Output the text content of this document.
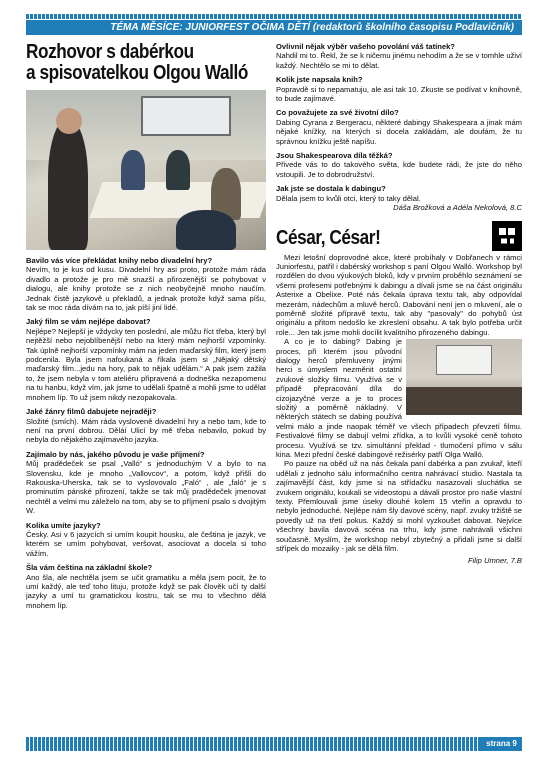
TÉMA MĚSÍCE: JUNIORFEST OČIMA DĚTÍ (redaktorů školního časopisu Podlavičník)
Rozhovor s dabérkou
a spisovatelkou Olgou Walló
Bavilo vás více překládat knihy nebo divadelní hry?
Nevím, to je kus od kusu. Divadelní hry asi proto, protože mám ráda divadlo a protože je pro mě snazší a přirozenější se pohybovat v dialogu, ale knihy protože se z nich neobyčejně mnoho naučím. Jednak čistě jazykově u překladů, a jednak protože když sama píšu, tak se moc ráda dívám na to, jak píší jiní lidé.
Jaký film se vám nejlépe dabovat?
Nejlépe? Nejlepší je vždycky ten poslední, ale můžu říct třeba, který byl nejtěžší nebo nejoblíbenější nebo na který mám nejhorší vzpomínky. Tak úplně nejhorší vzpomínky mám na jeden maďarský film, který jsem podcenila. Byla jsem nafoukaná a říkala jsem si „Nějaký dětský maďarský film...jedu na hory, pak to nějak udělám.“ A pak jsem zažila to, že jsem nebyla v tom ateliéru připravená a dodneška nezapomenu na tu hanbu, když vím, jak jsme to udělali špatně a mohli jsme to udělat mnohem líp. To už jsem nikdy nezopakovala.
Jaké žánry filmů dabujete nejraději?
Složité (smích). Mám ráda vysloveně divadelní hry a nebo tam, kde to není na první dobrou. Děláí Ulicí by mě třeba nebavilo, pokud by nebyla do nějakého zajímavého jazyka.
Zajímalo by nás, jakého původu je vaše příjmení?
Můj pradědeček se psal „Valló“ s jednoduchým V a bylo to na Slovensku, kde je mnoho „Vallovcov“, a potom, když přišli do Rakouska-Uherska, tak se to vyslovovalo „Faló“ , ale „faló“ je s prominutím pánské přirození, takže se tak můj pradědeček jmenovat nechtěl a velmi mu záleželo na tom, aby se to příjmení psalo s dvojitým W.
Kolika umíte jazyky?
Česky. Asi v 6 jazycích si umím koupit housku, ale čeština je jazyk, ve kterém se umím pohybovat, veršovat, asociovat a docela si toho vážím.
Šla vám čeština na základní škole?
Ano šla, ale nechtěla jsem se učit gramatiku a měla jsem pocit, že to umí každý, ale teď toho lituju, protože když se pak člověk učí ty další jazyky a umí tu gramatickou kostru, tak se mu to všechno dělá mnohem líp.
Ovlivnil nějak výběr vašeho povolání váš tatínek?
Nahdil mi to. Řekl, že se k ničemu jinému nehodím a že se v tomhle uživí každý. Nechtělo se mi to dělat.
Kolik jste napsala knih?
Popravdě si to nepamatuju, ale asi tak 10. Zkuste se podívat v knihovně, to bude zajímavé.
Co považujete za své životní dílo?
Dabing Cyrana z Bergeracu, některé dabingy Shakespeara a jinak mám nějaké knížky, na kterých si docela zakládám, ale doufám, že tu správnou knížku ještě napíšu.
Jsou Shakespearova díla těžká?
Přivede vás to do takového světa, kde budete rádi, že jste do něho vstoupili. Je to dobrodružství.
Jak jste se dostala k dabingu?
Dělala jsem to kvůli otci, který to taky dělal.
Dáša Brožková a Adéla Nekolová, 8.C
César, César!
Mezi letošní doprovodné akce, které probíhaly v Dobřanech v rámci Juniorfestu, patřil i dabérský workshop s paní Olgou Walló. Workshop byl rozdělen do dvou výukových bloků, kdy v prvním proběhlo seznámení se všemi profesemi potřebnými k dabingu a dívali jsme se na část originálu Asterixe a Obelixe. Poté nás čekala úprava textu tak, aby odpovídal mezerám, nádechům a mluvě herců. Dabování není jen o mluvení, ale o poměrně složité přípravě textu, tak aby "pasovaly" do pohybů úst originálu a přitom nedošlo ke zkreslení obsahu. A tak bylo potřeba určit role... Jen tak jsme mohli docílit kvalitního přirozeného dabingu.
A co je to dabing? Dabing je proces, při kterém jsou původní dialogy herců přemluveny jinými herci s úmyslem nezměnit ostatní zvukové složky filmu. Využívá se v případě přepracování díla do cizojazyčné verze a je to proces složitý a poměrně nákladný. V některých státech se dabing používá velmi málo a jinde naopak téměř ve všech případech převzetí filmu. Festivalové filmy se dabují velmi zřídka, a to kvůli vysoké ceně tohoto procesu. Využívá se tzv. simultánní překlad - tlumočení přímo v sálu kina. Mezi přední české dabingové režisérky patří Olga Walló.
Po pauze na oběd už na nás čekala paní dabérka a pan zvukař, kteří udělali z jednoho sálu informačního centra nahrávací studio. Nastala ta zajímavější část, kdy jsme si na střídačku nasazovali sluchátka se zvukem originálu, koukali se videostopu a dávali prostor pro naše vlastní texty. Přemlouvali jsme úseky dlouhé kolem 15 vteřin a opravdu to nebylo jednoduché. Nejlépe nám šly davové scény, např. zvuky tržiště se povedly už na třetí pokus. Každý si mohl vyzkoušet dabovat. Nejvíce všechny bavila davová scéna na trhu, kdy jsme nahrávali všichni současně. Myslím, že workshop nebyl zbytečný a přidali jsme si další střípek do mozaiky - jak se dělá film.
Filip Umner, 7.B
strana 9
